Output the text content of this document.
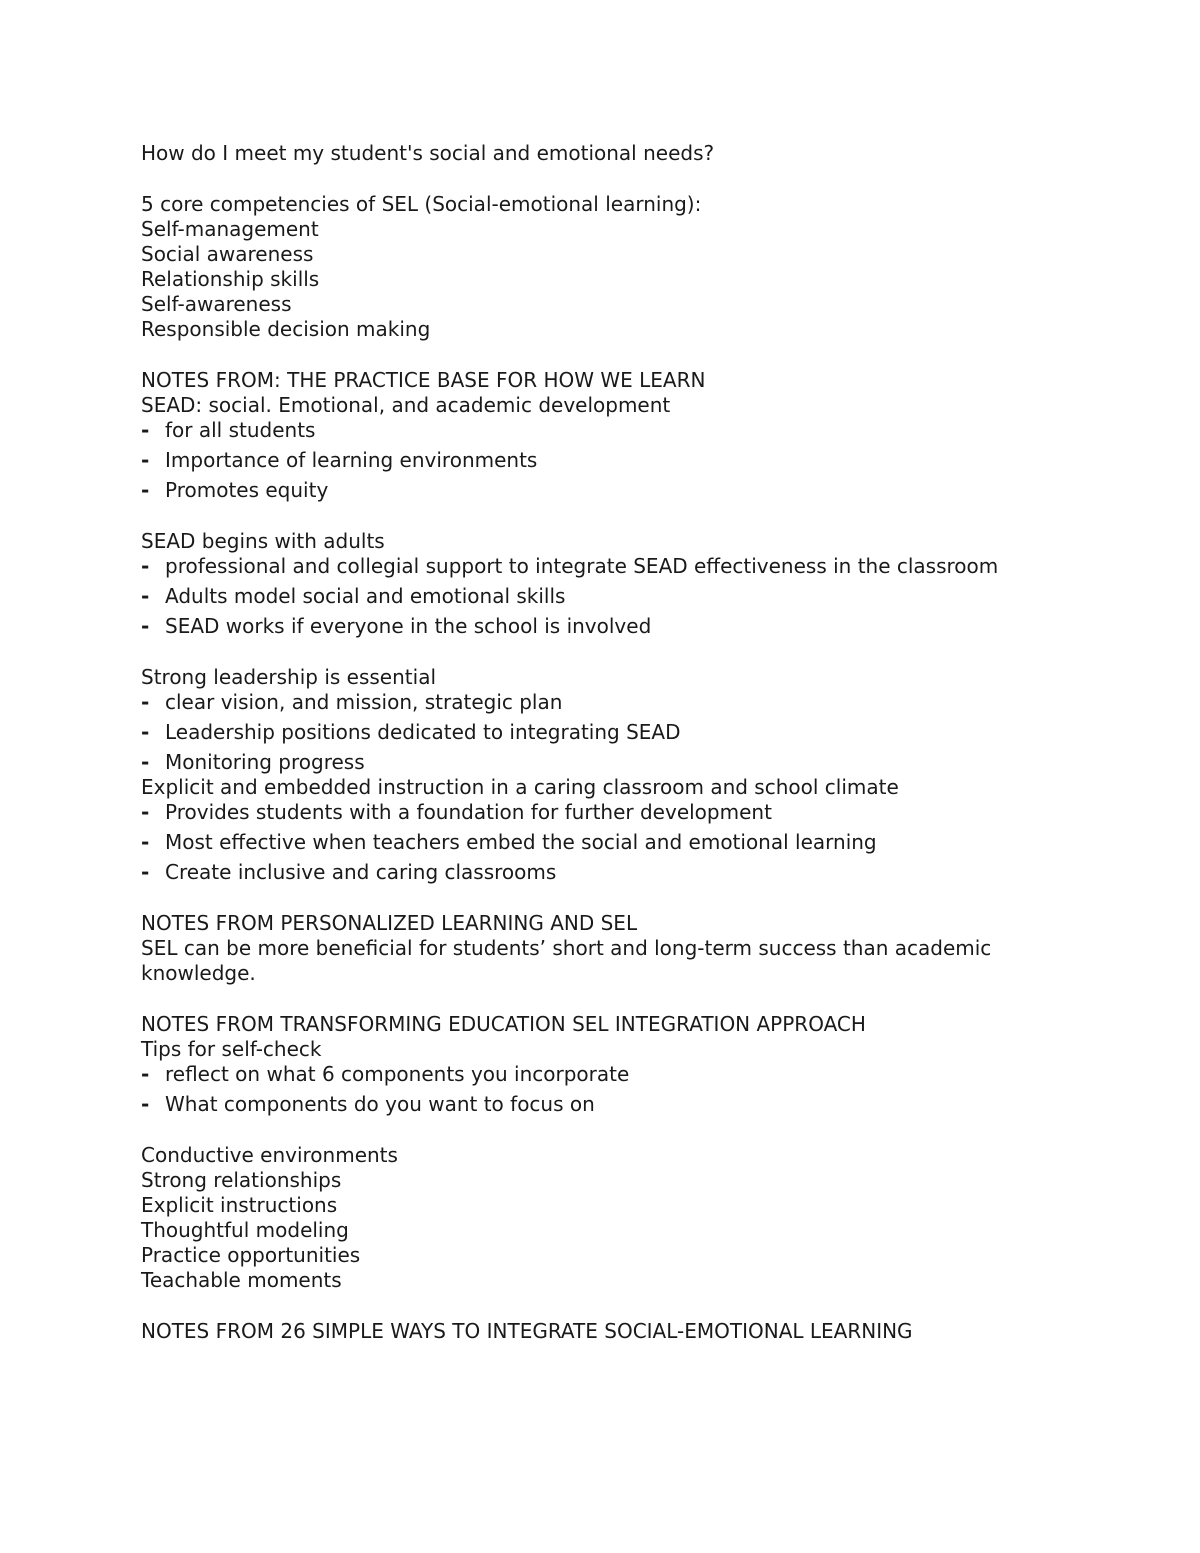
How do I meet my student's social and emotional needs?

5 core competencies of SEL (Social-emotional learning):

Self-management

Social awareness

Relationship skills

Self-awareness

Responsible decision making

NOTES FROM: THE PRACTICE BASE FOR HOW WE LEARN

SEAD: social. Emotional, and academic development

- for all students
- Importance of learning environments
- Promotes equity

SEAD begins with adults

- professional and collegial support to integrate SEAD effectiveness in the classroom
- Adults model social and emotional skills
- SEAD works if everyone in the school is involved

Strong leadership is essential

- clear vision, and mission, strategic plan
- Leadership positions dedicated to integrating SEAD
- Monitoring progress

Explicit and embedded instruction in a caring classroom and school climate

- Provides students with a foundation for further development
- Most effective when teachers embed the social and emotional learning
- Create inclusive and caring classrooms

NOTES FROM PERSONALIZED LEARNING AND SEL

SEL can be more beneficial for students’ short and long-term success than academic knowledge.

NOTES FROM TRANSFORMING EDUCATION SEL INTEGRATION APPROACH

Tips for self-check

- reflect on what 6 components you incorporate
- What components do you want to focus on

Conductive environments

Strong relationships

Explicit instructions

Thoughtful modeling

Practice opportunities

Teachable moments

NOTES FROM 26 SIMPLE WAYS TO INTEGRATE SOCIAL-EMOTIONAL LEARNING
